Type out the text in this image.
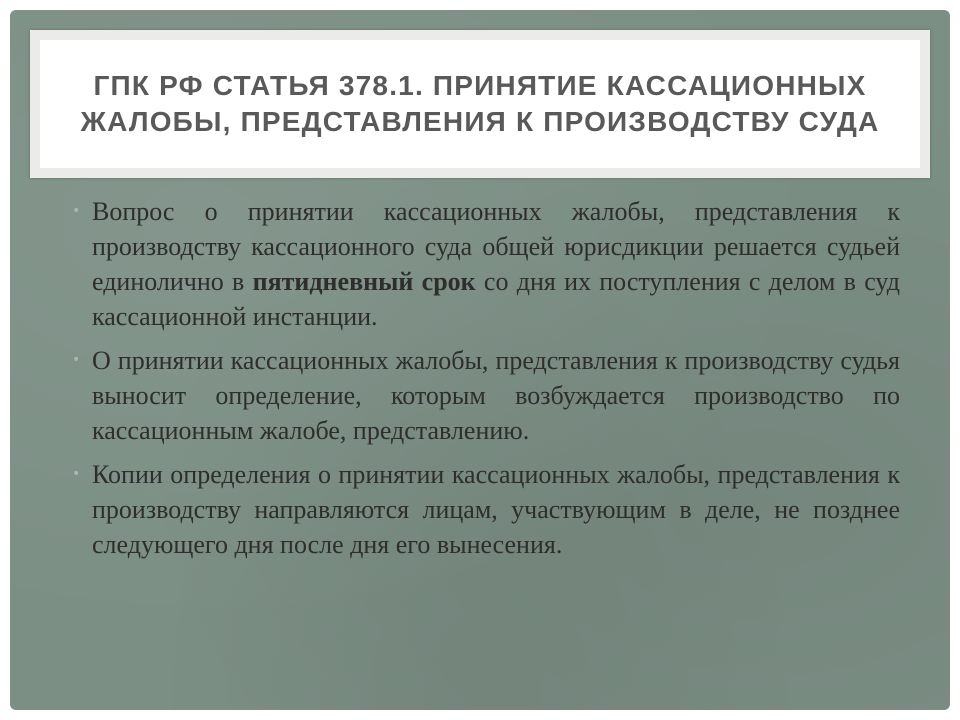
ГПК РФ СТАТЬЯ 378.1. ПРИНЯТИЕ КАССАЦИОННЫХ ЖАЛОБЫ, ПРЕДСТАВЛЕНИЯ К ПРОИЗВОДСТВУ СУДА
• Вопрос о принятии кассационных жалобы, представления к производству кассационного суда общей юрисдикции решается судьей единолично в пятидневный срок со дня их поступления с делом в суд кассационной инстанции.
• О принятии кассационных жалобы, представления к производству судья выносит определение, которым возбуждается производство по кассационным жалобе, представлению.
• Копии определения о принятии кассационных жалобы, представления к производству направляются лицам, участвующим в деле, не позднее следующего дня после дня его вынесения.
